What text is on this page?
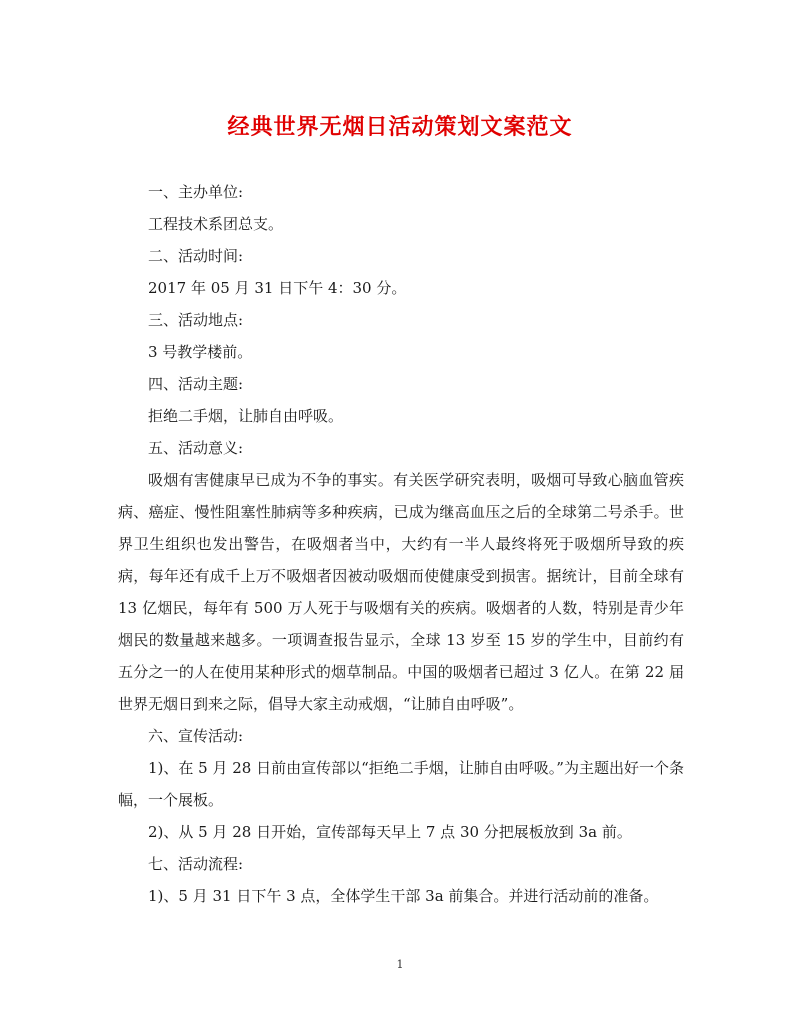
经典世界无烟日活动策划文案范文
一、主办单位:
工程技术系团总支。
二、活动时间:
2017 年 05 月 31 日下午 4：30 分。
三、活动地点:
3 号教学楼前。
四、活动主题:
拒绝二手烟，让肺自由呼吸。
五、活动意义:

吸烟有害健康早已成为不争的事实。有关医学研究表明，吸烟可导致心脑血管疾病、癌症、慢性阻塞性肺病等多种疾病，已成为继高血压之后的全球第二号杀手。世界卫生组织也发出警告，在吸烟者当中，大约有一半人最终将死于吸烟所导致的疾病，每年还有成千上万不吸烟者因被动吸烟而使健康受到损害。据统计，目前全球有 13 亿烟民，每年有 500 万人死于与吸烟有关的疾病。吸烟者的人数，特别是青少年烟民的数量越来越多。一项调查报告显示，全球 13 岁至 15 岁的学生中，目前约有五分之一的人在使用某种形式的烟草制品。中国的吸烟者已超过 3 亿人。在第 22 届世界无烟日到来之际，倡导大家主动戒烟，“让肺自由呼吸”。

六、宣传活动:

1)、在 5 月 28 日前由宣传部以“拒绝二手烟，让肺自由呼吸。”为主题出好一个条幅，一个展板。

2)、从 5 月 28 日开始，宣传部每天早上 7 点 30 分把展板放到 3a 前。

七、活动流程:

1)、5 月 31 日下午 3 点，全体学生干部 3a 前集合。并进行活动前的准备。

1
